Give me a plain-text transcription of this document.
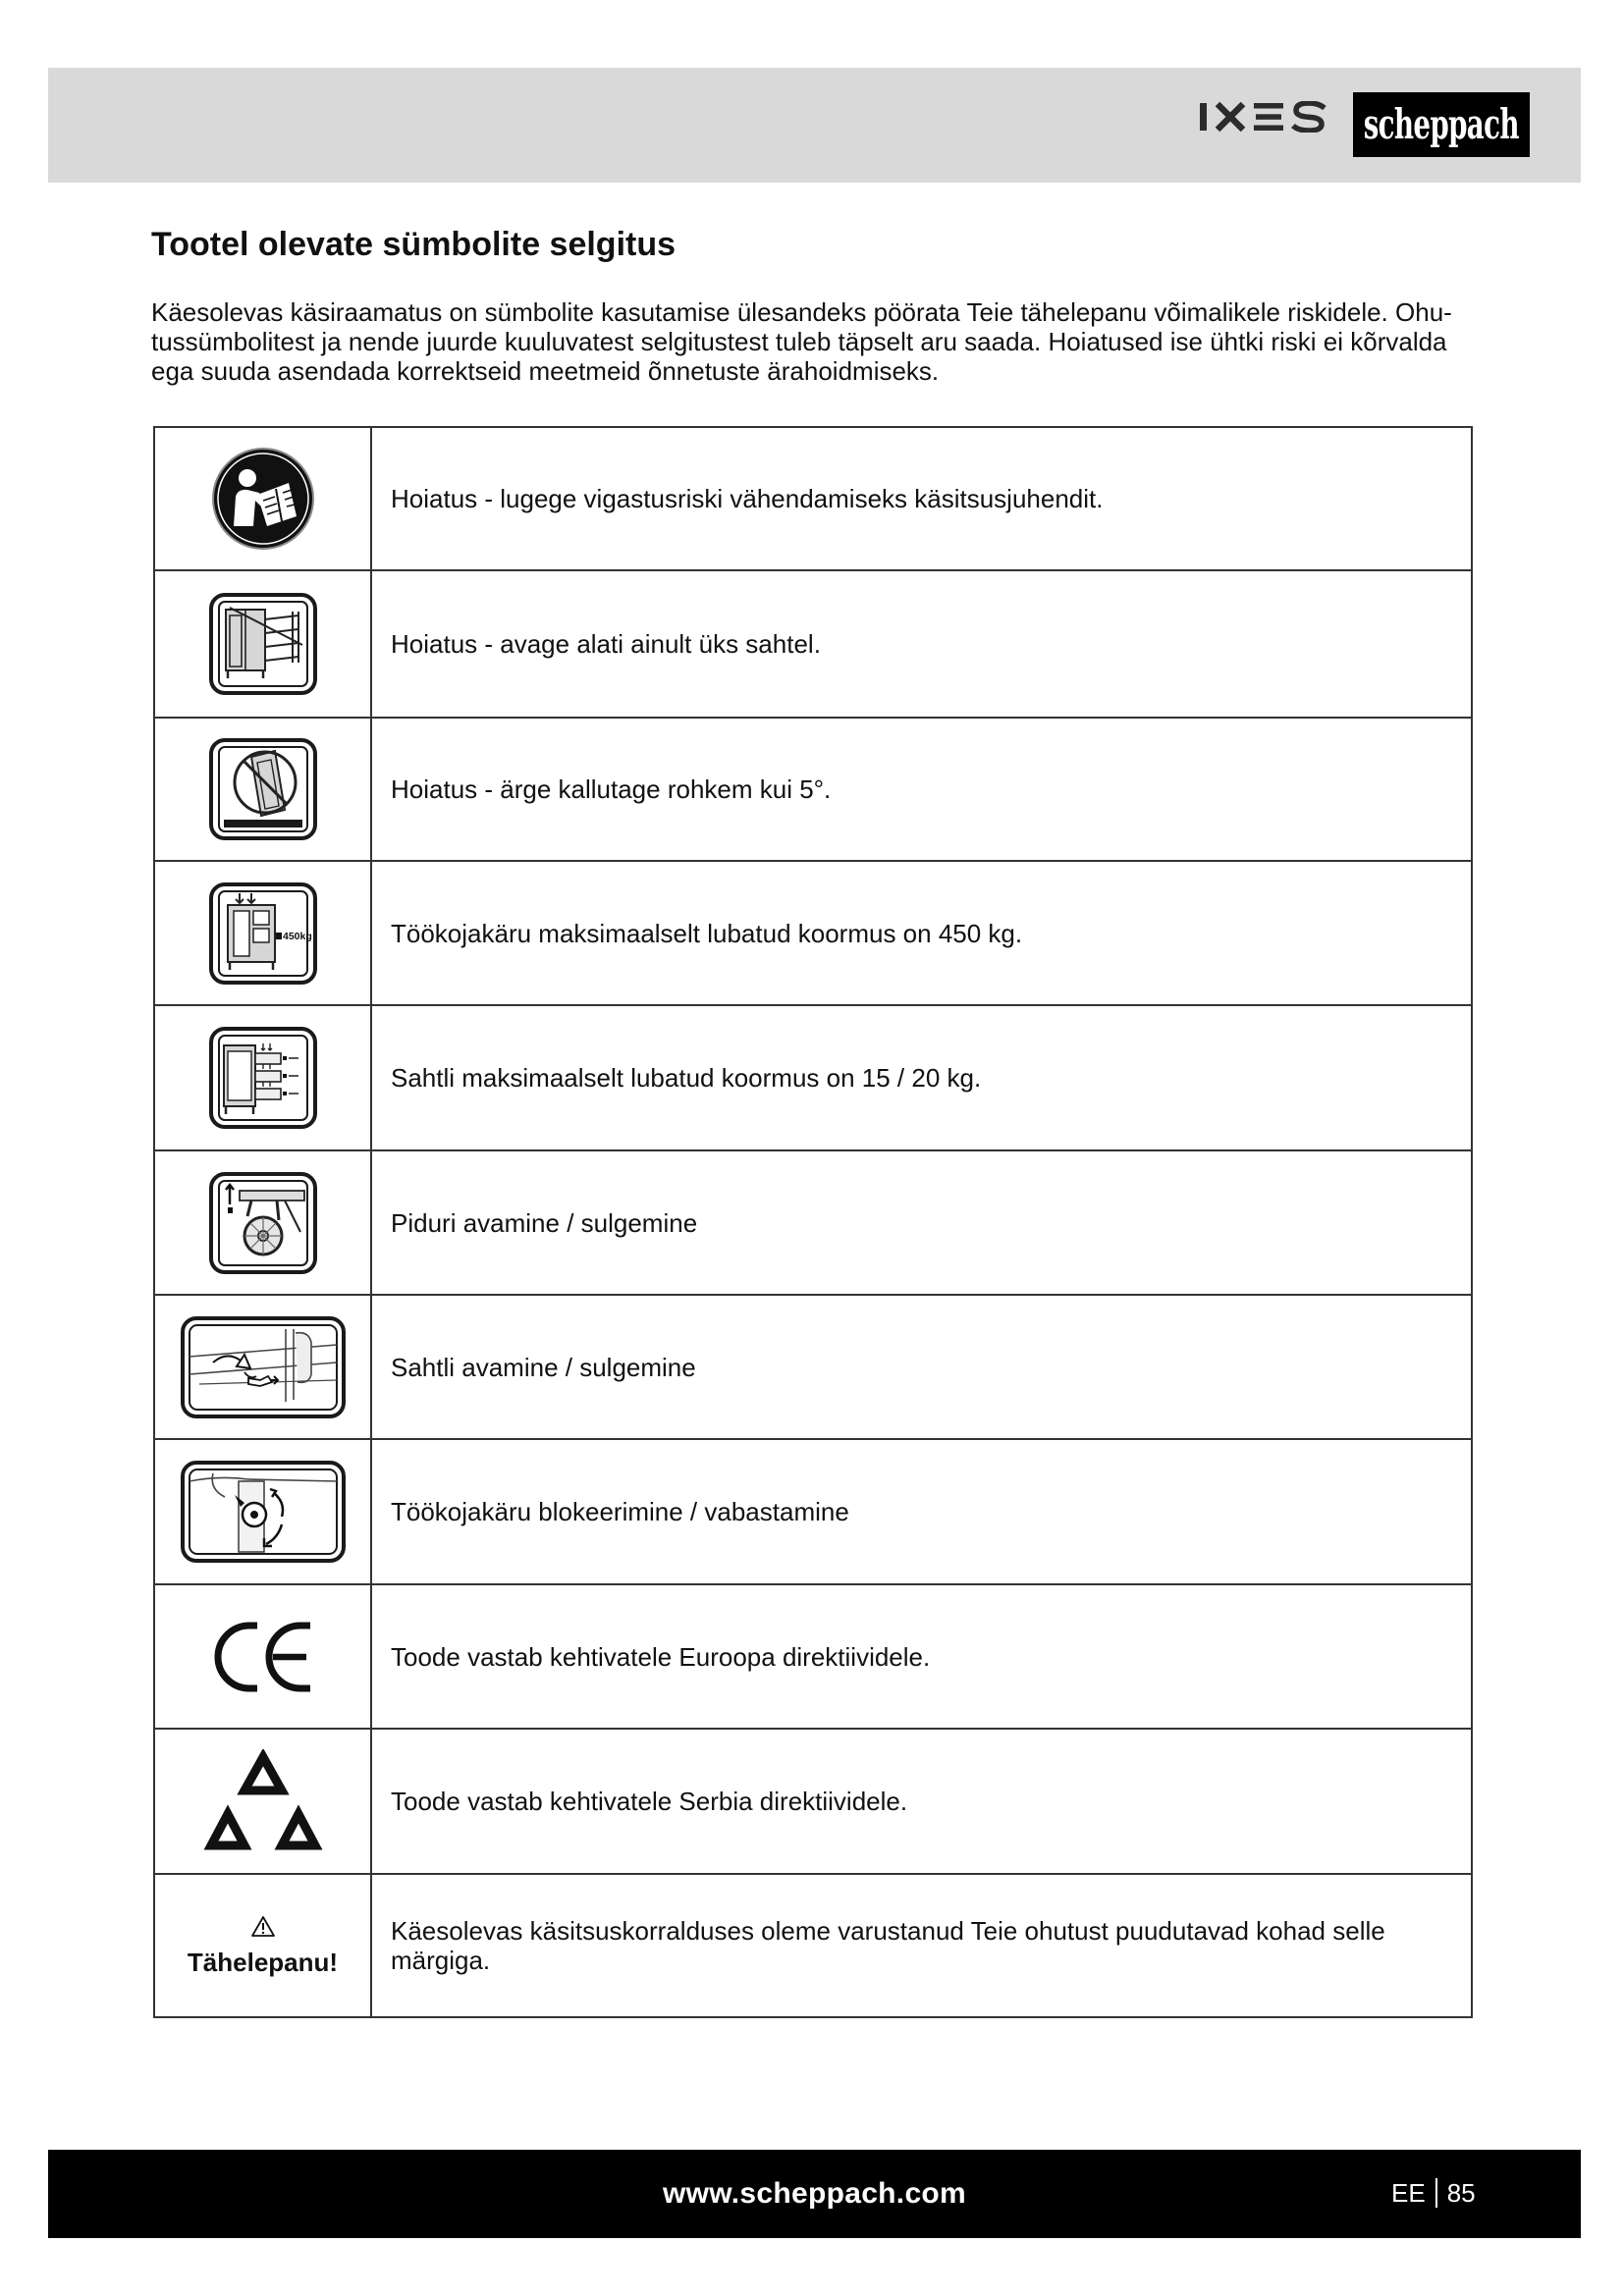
scheppach
Tootel olevate sümbolite selgitus
Käesolevas käsiraamatus on sümbolite kasutamise ülesandeks pöörata Teie tähelepanu võimalikele riskidele. Ohu-
tussümbolitest ja nende juurde kuuluvatest selgitustest tuleb täpselt aru saada. Hoiatused ise ühtki riski ei kõrvalda
ega suuda asendada korrektseid meetmeid õnnetuste ärahoidmiseks.
	Hoiatus - lugege vigastusriski vähendamiseks käsitsusjuhendit.

	Hoiatus - avage alati ainult üks sahtel.

	Hoiatus - ärge kallutage rohkem kui 5°.

450kg	Töökojakäru maksimaalselt lubatud koormus on 450 kg.

	Sahtli maksimaalselt lubatud koormus on 15 / 20 kg.

	Piduri avamine / sulgemine

	Sahtli avamine / sulgemine

	Töökojakäru blokeerimine / vabastamine

	Toode vastab kehtivatele Euroopa direktiividele.

	Toode vastab kehtivatele Serbia direktiividele.

Tähelepanu!	Käesolevas käsitsuskorralduses oleme varustanud Teie ohutust puudutavad kohad selle märgiga.
www.scheppach.com	EE 85
